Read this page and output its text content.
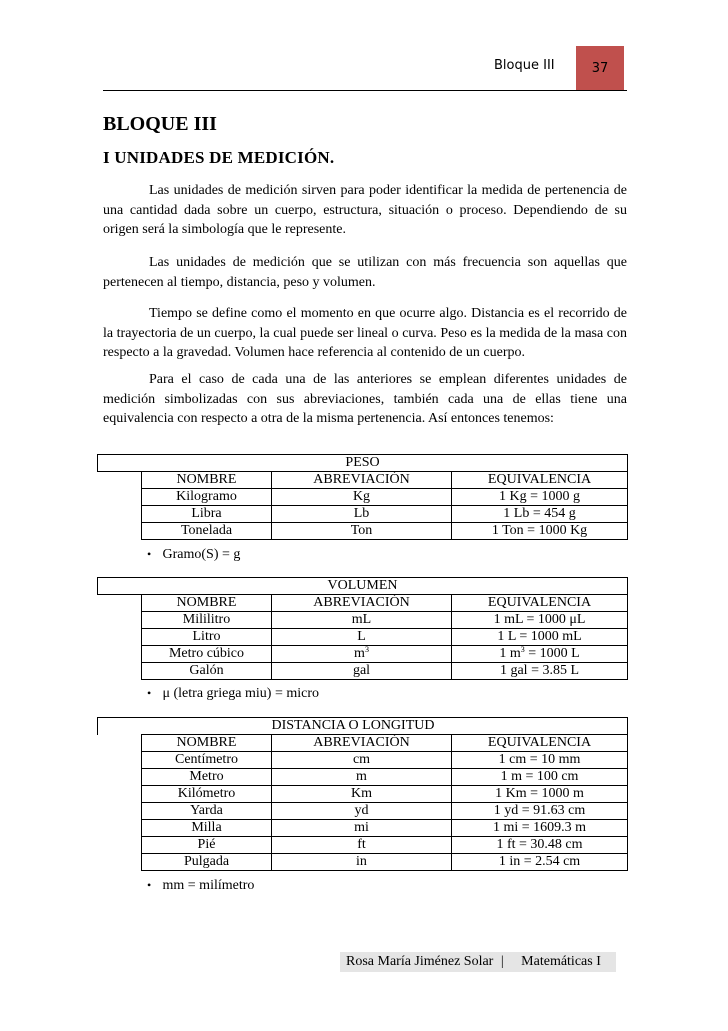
Bloque III	37
BLOQUE III
I UNIDADES DE MEDICIÓN.

Las unidades de medición sirven para poder identificar la medida de pertenencia de una cantidad dada sobre un cuerpo, estructura, situación o proceso. Dependiendo de su origen será la simbología que le represente.

Las unidades de medición que se utilizan con más frecuencia son aquellas que pertenecen al tiempo, distancia, peso y volumen.

Tiempo se define como el momento en que ocurre algo. Distancia es el recorrido de la trayectoria de un cuerpo, la cual puede ser lineal o curva. Peso es la medida de la masa con respecto a la gravedad. Volumen hace referencia al contenido de un cuerpo.

Para el caso de cada una de las anteriores se emplean diferentes unidades de medición simbolizadas con sus abreviaciones, también cada una de ellas tiene una equivalencia con respecto a otra de la misma pertenencia. Así entonces tenemos:

PESO			
	NOMBRE	ABREVIACIÓN	EQUIVALENCIA
	Kilogramo	Kg	1 Kg = 1000 g
	Libra	Lb	1 Lb = 454 g
	Tonelada	Ton	1 Ton = 1000 Kg
• Gramo(S) = g
VOLUMEN			
	NOMBRE	ABREVIACIÓN	EQUIVALENCIA
	Mililitro	mL	1 mL = 1000 μL
	Litro	L	1 L = 1000 mL
	Metro cúbico	$m^3$	1 $m^3 = 1000$ L
	Galón	gal	1 gal = 3.85 L
• μ (letra griega miu) = micro
		DISTANCIA O LONGITUD	
	NOMBRE	ABREVIACIÓN	EQUIVALENCIA
	Centímetro	cm	1 cm = 10 mm
	Metro	m	1 m = 100 cm
	Kilómetro	Km	1 Km = 1000 m
	Yarda	yd	1 yd = 91.63 cm
	Milla	mi	1 mi = 1609.3 m
	Pié	ft	1 ft = 30.48 cm
	Pulgada	in	1 in = 2.54 cm
• mm = milímetro
Rosa María Jiménez Solar | Matemáticas I
